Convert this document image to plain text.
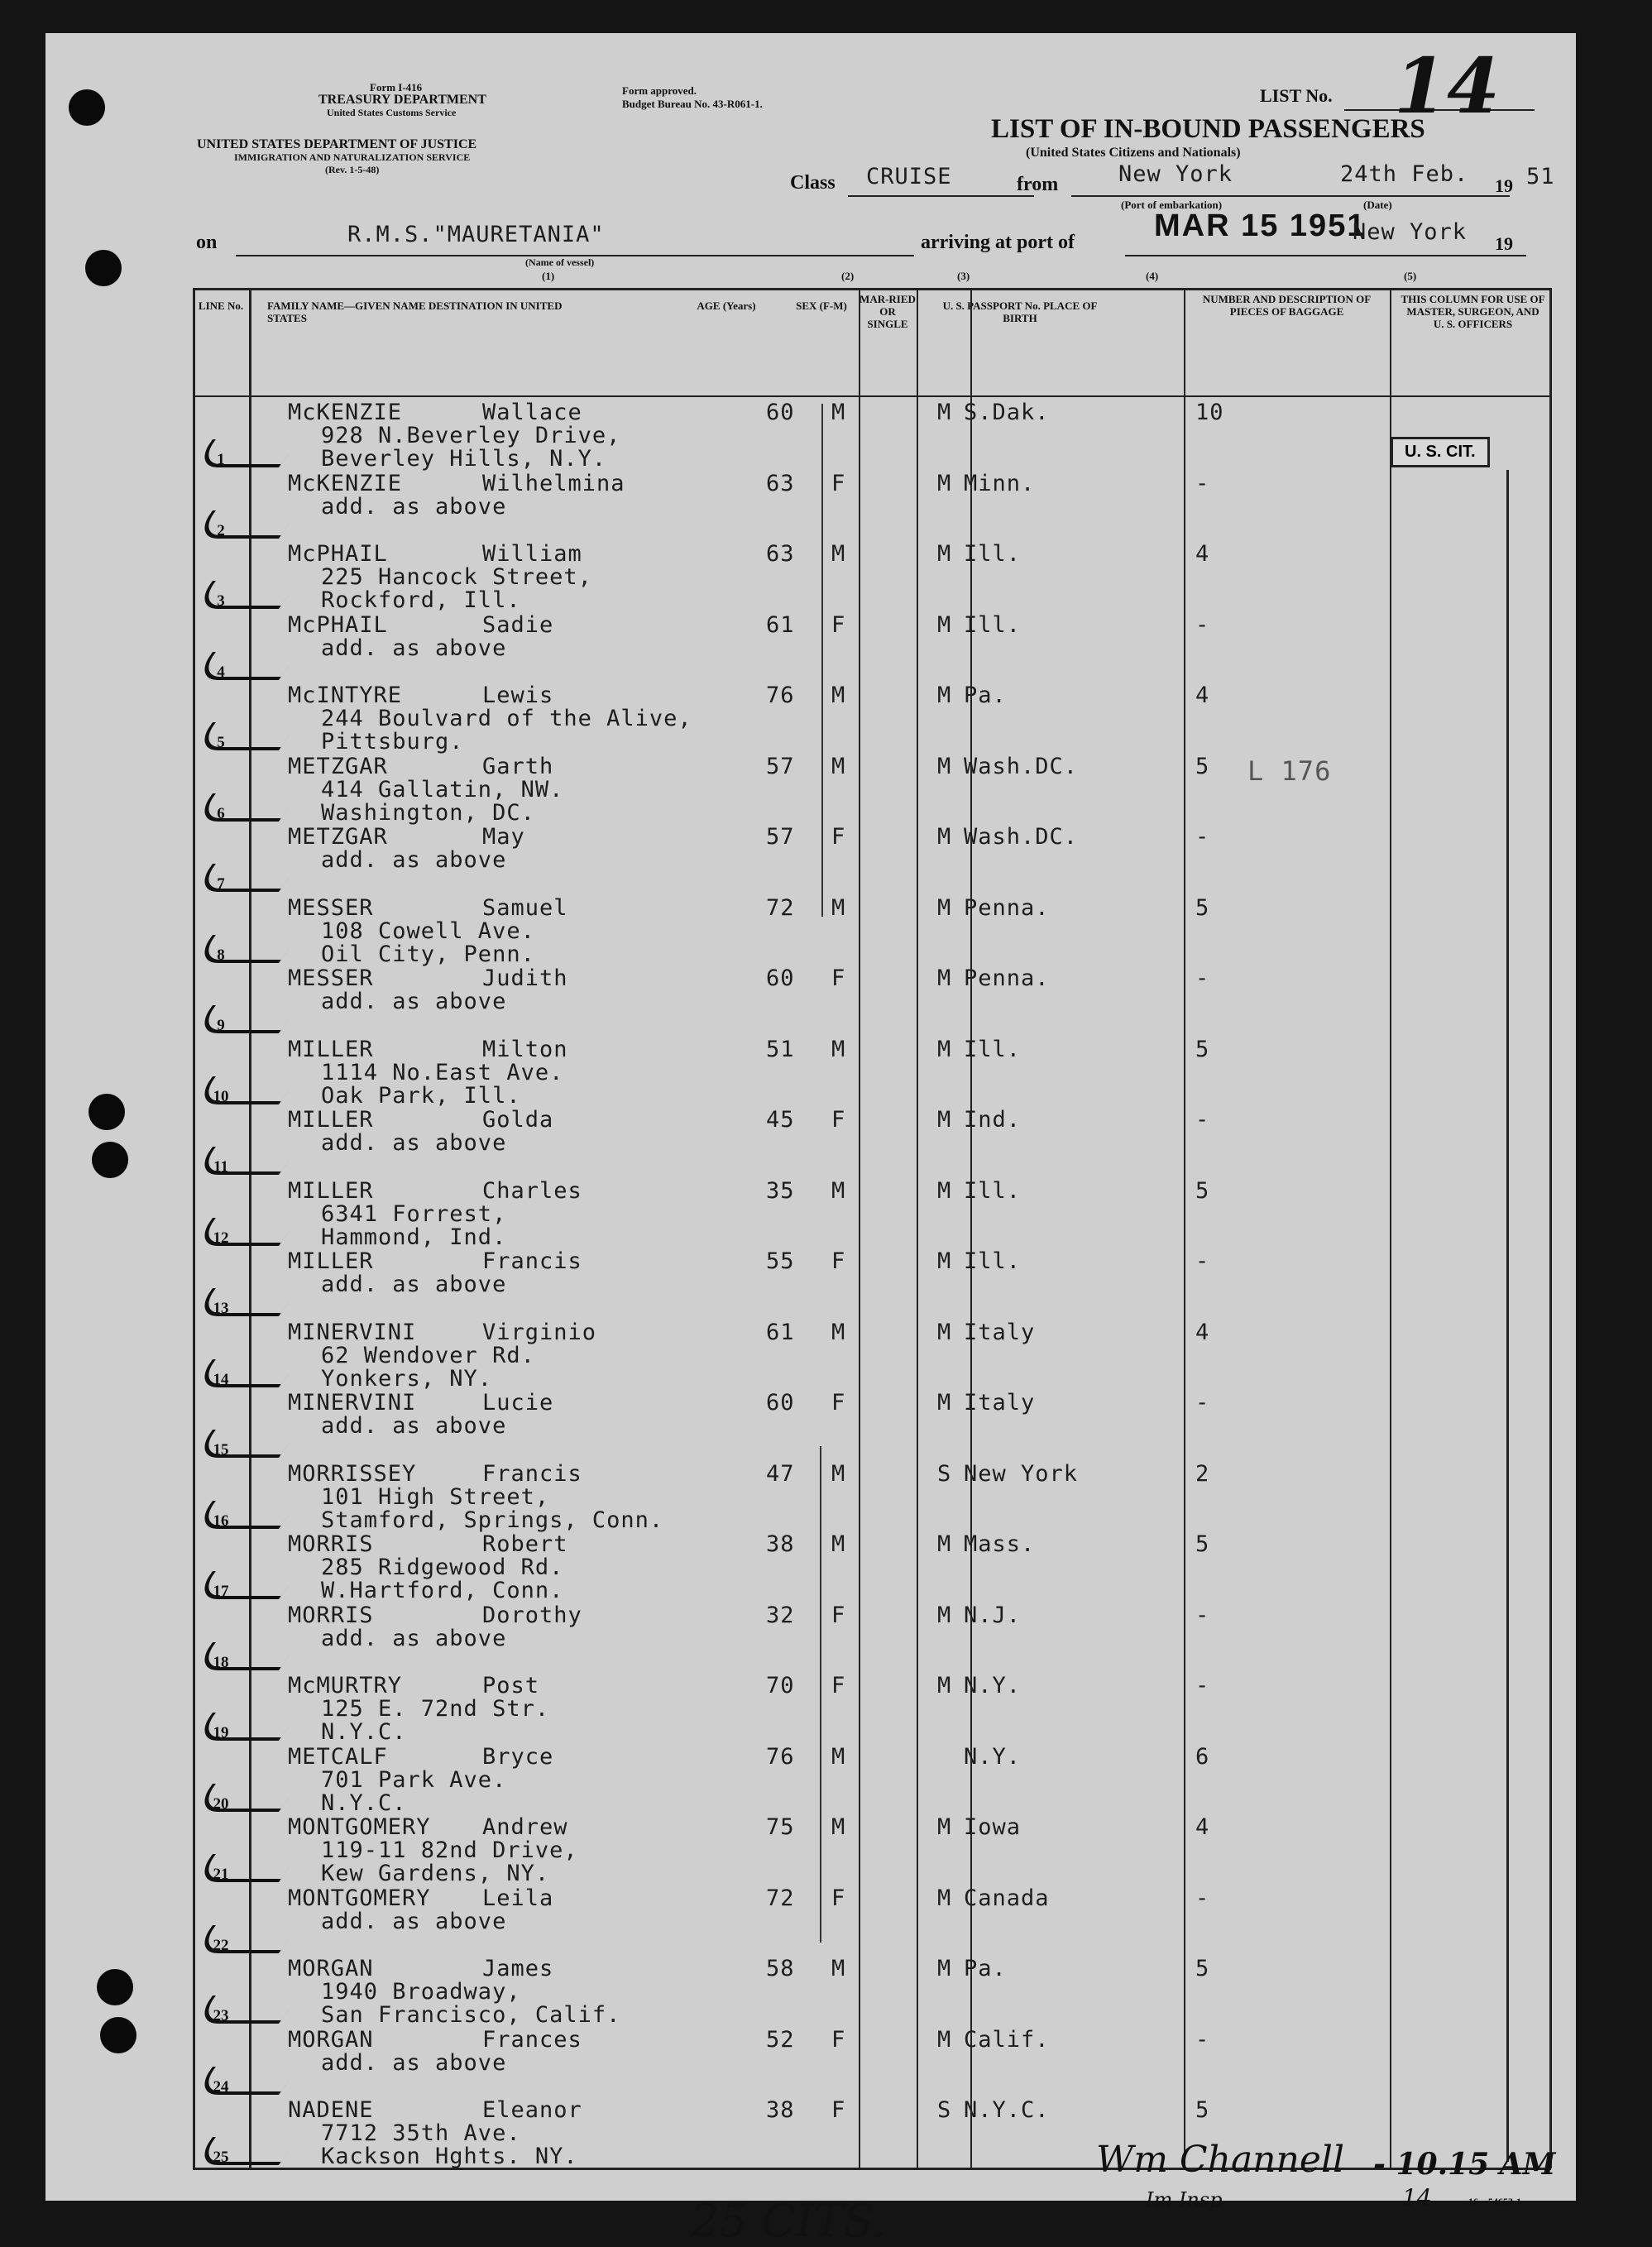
Form I-416
TREASURY DEPARTMENT
United States Customs Service
Form approved.
Budget Bureau No. 43-R061-1.
UNITED STATES DEPARTMENT OF JUSTICE
IMMIGRATION AND NATURALIZATION SERVICE
(Rev. 1-5-48)
LIST No. 14
LIST OF IN-BOUND PASSENGERS
(United States Citizens and Nationals)
Class CRUISE	from	New York	24th Feb. 19 51
(Port of embarkation)	(Date)
on	R.M.S."MAURETANIA"
(Name of vessel)
arriving at port of	MAR 15 1951
New York 19
(1)	(2)	(3)	(4)	(5)
LINE No.	FAMILY NAME—GIVEN NAME DESTINATION IN UNITED STATES
AGE (Years)	SEX (F-M)
MAR-RIED OR SINGLE
U. S. PASSPORT No. PLACE OF BIRTH
NUMBER AND DESCRIPTION OF PIECES OF BAGGAGE
THIS COLUMN FOR USE OF MASTER, SURGEON, AND U. S. OFFICERS
McKENZIE	Wallace
928 N.Beverley Drive,
Beverley Hills, N.Y.
60 M	M S.Dak.	10
1
McKENZIE	Wilhelmina
add. as above
63 F	M Minn.	-
2
McPHAIL	William
225 Hancock Street,
Rockford, Ill.
63 M	M Ill.	4
3
McPHAIL	Sadie
add. as above
61 F	M Ill.	-
4
McINTYRE	Lewis
244 Boulvard of the Alive,
Pittsburg.
76 M	M Pa.	4
5
METZGAR	Garth
414 Gallatin, NW.
Washington, DC.
57 M	M Wash.DC.	5
6
METZGAR	May
add. as above
57 F	M Wash.DC.	-
7
MESSER	Samuel
108 Cowell Ave.
Oil City, Penn.
72 M	M Penna.	5
8
MESSER	Judith
add. as above
60 F	M Penna.	-
9
MILLER	Milton
1114 No.East Ave.
Oak Park, Ill.
51 M	M Ill.	5
10
MILLER	Golda
add. as above
45 F	M Ind.	-
11
MILLER	Charles
6341 Forrest,
Hammond, Ind.
35 M	M Ill.	5
12
MILLER	Francis
add. as above
55 F	M Ill.	-
13
MINERVINI	Virginio
62 Wendover Rd.
Yonkers, NY.
61 M	M Italy	4
14
MINERVINI	Lucie
add. as above
60 F	M Italy	-
15
MORRISSEY	Francis
101 High Street,
Stamford, Springs, Conn.
47 M	S New York	2
16
MORRIS	Robert
285 Ridgewood Rd.
W.Hartford, Conn.
38 M	M Mass.	5
17
MORRIS	Dorothy
add. as above
32 F	M N.J.	-
18
McMURTRY	Post
125 E. 72nd Str.
N.Y.C.
70 F	M N.Y.	-
19
METCALF	Bryce
701 Park Ave.
N.Y.C.
76 M	N.Y.	6
20
MONTGOMERY Andrew
119-11 82nd Drive,
Kew Gardens, NY.
75 M	M Iowa	4
21
MONTGOMERY Leila
add. as above
72 F	M Canada	-
22
MORGAN	James
1940 Broadway,
San Francisco, Calif.
58 M	M Pa.	5
23
MORGAN	Frances
add. as above
52 F	M Calif.	-
24
NADENE	Eleanor
7712 35th Ave.
Kackson Hghts. NY.
38 F	S N.Y.C.	5
25
U. S. CIT.
L 176
25 CITS.
Wm Channell
Im Insp
- 10.15 AM
14	16—54653-1
